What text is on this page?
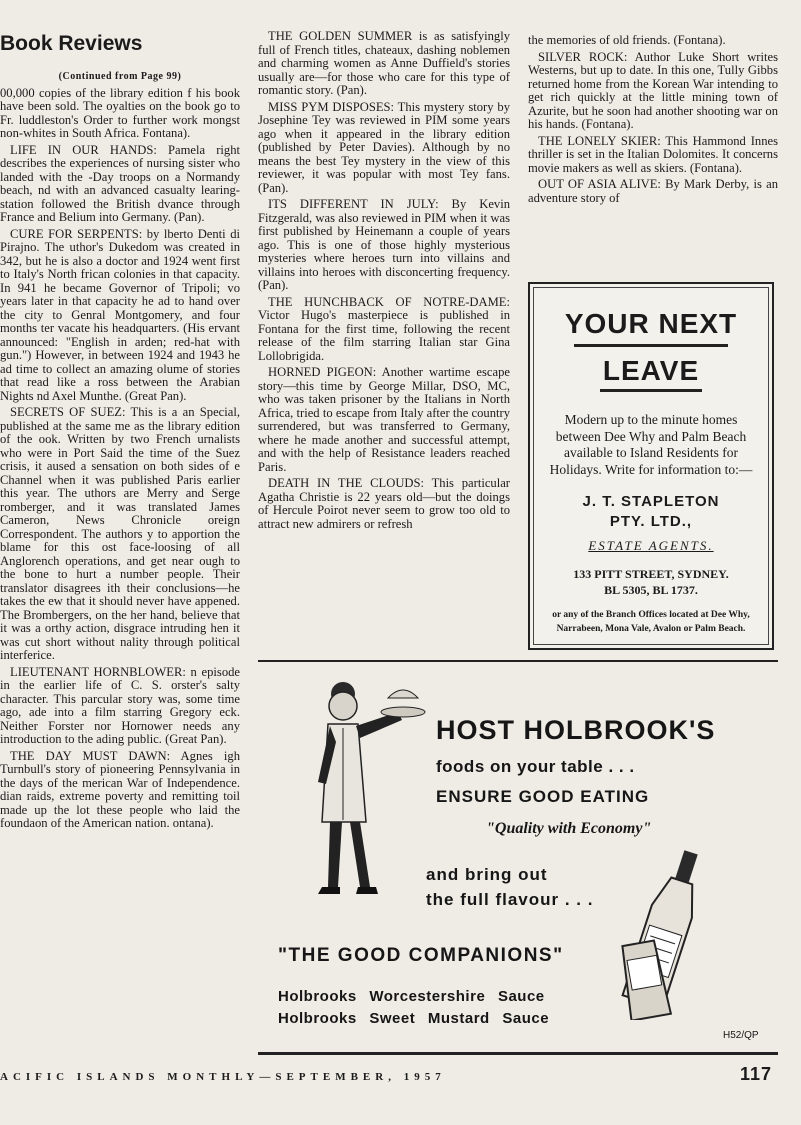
Book Reviews

(Continued from Page 99)

00,000 copies of the library edition f his book have been sold. The oyalties on the book go to Fr. luddleston's Order to further work mongst non-whites in South Africa. Fontana).

LIFE IN OUR HANDS: Pamela right describes the experiences of nursing sister who landed with the -Day troops on a Normandy beach, nd with an advanced casualty learing-station followed the British dvance through France and Belium into Germany. (Pan).

CURE FOR SERPENTS: by lberto Denti di Pirajno. The uthor's Dukedom was created in 342, but he is also a doctor and 1924 went first to Italy's North frican colonies in that capacity. In 941 he became Governor of Tripoli; vo years later in that capacity he ad to hand over the city to Genral Montgomery, and four months ter vacate his headquarters. (His ervant announced: "English in arden; red-hat with gun.") However, in between 1924 and 1943 he ad time to collect an amazing olume of stories that read like a ross between the Arabian Nights nd Axel Munthe. (Great Pan).

SECRETS OF SUEZ: This is a an Special, published at the same me as the library edition of the ook. Written by two French urnalists who were in Port Said the time of the Suez crisis, it aused a sensation on both sides of e Channel when it was published Paris earlier this year. The uthors are Merry and Serge romberger, and it was translated James Cameron, News Chronicle oreign Correspondent. The authors y to apportion the blame for this ost face-loosing of all Anglorench operations, and get near ough to the bone to hurt a number people. Their translator disagrees ith their conclusions—he takes the ew that it should never have appened. The Brombergers, on the her hand, believe that it was a orthy action, disgrace intruding hen it was cut short without nality through political interferice.

LIEUTENANT HORNBLOWER: n episode in the earlier life of C. S. orster's salty character. This parcular story was, some time ago, ade into a film starring Gregory eck. Neither Forster nor Hornower needs any introduction to the ading public. (Great Pan).

THE DAY MUST DAWN: Agnes igh Turnbull's story of pioneering Pennsylvania in the days of the merican War of Independence. dian raids, extreme poverty and remitting toil made up the lot these people who laid the foundaon of the American nation. ontana).

THE GOLDEN SUMMER is as satisfyingly full of French titles, chateaux, dashing noblemen and charming women as Anne Duffield's stories usually are—for those who care for this type of romantic story. (Pan).

MISS PYM DISPOSES: This mystery story by Josephine Tey was reviewed in PIM some years ago when it appeared in the library edition (published by Peter Davies). Although by no means the best Tey mystery in the view of this reviewer, it was popular with most Tey fans. (Pan).

ITS DIFFERENT IN JULY: By Kevin Fitzgerald, was also reviewed in PIM when it was first published by Heinemann a couple of years ago. This is one of those highly mysterious mysteries where heroes turn into villains and villains into heroes with disconcerting frequency. (Pan).

THE HUNCHBACK OF NOTRE-DAME: Victor Hugo's masterpiece is published in Fontana for the first time, following the recent release of the film starring Italian star Gina Lollobrigida.

HORNED PIGEON: Another wartime escape story—this time by George Millar, DSO, MC, who was taken prisoner by the Italians in North Africa, tried to escape from Italy after the country surrendered, but was transferred to Germany, where he made another and successful attempt, and with the help of Resistance leaders reached Paris.

DEATH IN THE CLOUDS: This particular Agatha Christie is 22 years old—but the doings of Hercule Poirot never seem to grow too old to attract new admirers or refresh

the memories of old friends. (Fontana).

SILVER ROCK: Author Luke Short writes Westerns, but up to date. In this one, Tully Gibbs returned home from the Korean War intending to get rich quickly at the little mining town of Azurite, but he soon had another shooting war on his hands. (Fontana).

THE LONELY SKIER: This Hammond Innes thriller is set in the Italian Dolomites. It concerns movie makers as well as skiers. (Fontana).

OUT OF ASIA ALIVE: By Mark Derby, is an adventure story of

YOUR NEXT
LEAVE
Modern up to the minute homes between Dee Why and Palm Beach available to Island Residents for Holidays. Write for information to:—
J. T. STAPLETON
PTY. LTD.,
ESTATE AGENTS.
133 PITT STREET, SYDNEY.
BL 5305, BL 1737.
or any of the Branch Offices located at Dee Why, Narrabeen, Mona Vale, Avalon or Palm Beach.
HOST HOLBROOK'S
foods on your table . . .
ENSURE GOOD EATING
"Quality with Economy"
and bring out
the full flavour . . .
"THE GOOD COMPANIONS"
Holbrooks Worcestershire Sauce
Holbrooks Sweet Mustard Sauce
H52/QP
ACIFIC ISLANDS MONTHLY—SEPTEMBER, 1957	117
